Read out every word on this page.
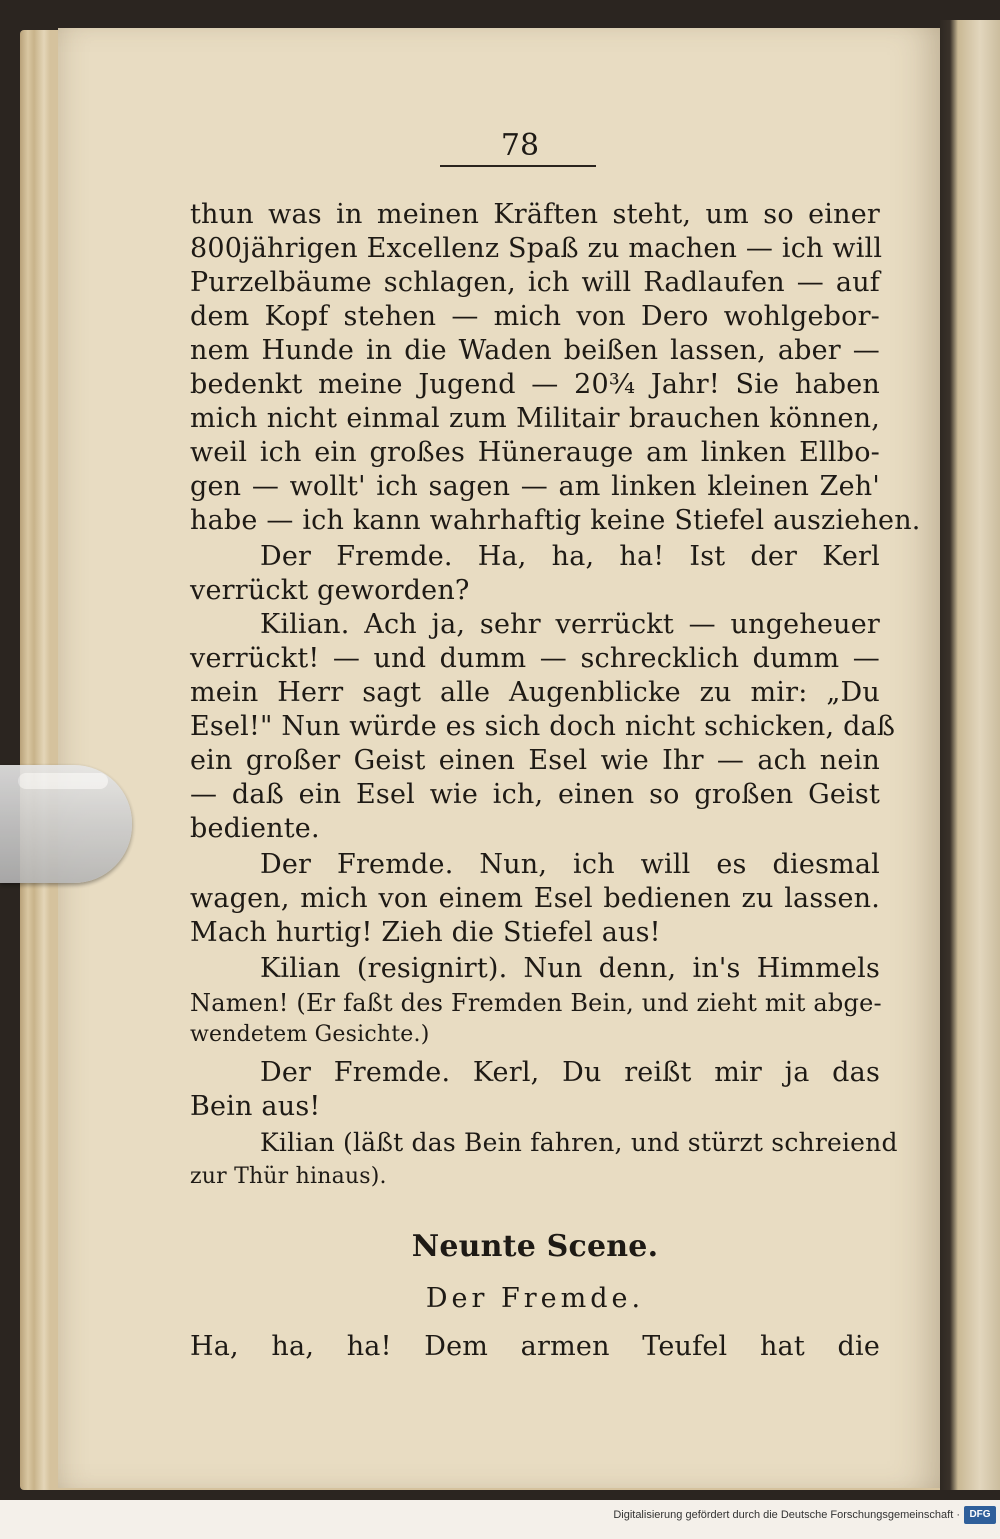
78
thun was in meinen Kräften steht, um so einer
800jährigen Excellenz Spaß zu machen — ich will
Purzelbäume schlagen, ich will Radlaufen — auf
dem Kopf stehen — mich von Dero wohlgebor-
nem Hunde in die Waden beißen lassen, aber —
bedenkt meine Jugend — 20¾ Jahr! Sie haben
mich nicht einmal zum Militair brauchen können,
weil ich ein großes Hüneraugе am linken Ellbo-
gen — wollt' ich sagen — am linken kleinen Zeh'
habe — ich kann wahrhaftig keine Stiefel ausziehen.
Der Fremde. Ha, ha, ha! Ist der Kerl
verrückt geworden?
Kilian. Ach ja, sehr verrückt — ungeheuer
verrückt! — und dumm — schrecklich dumm —
mein Herr sagt alle Augenblicke zu mir: „Du
Esel!" Nun würde es sich doch nicht schicken, daß
ein großer Geist einen Esel wie Ihr — ach nein
— daß ein Esel wie ich, einen so großen Geist
bediente.
Der Fremde. Nun, ich will es diesmal
wagen, mich von einem Esel bedienen zu lassen.
Mach hurtig! Zieh die Stiefel aus!
Kilian (resignirt). Nun denn, in's Himmels
Namen! (Er faßt des Fremden Bein, und zieht mit abge-
wendetem Gesichte.)
Der Fremde. Kerl, Du reißt mir ja das
Bein aus!
Kilian (läßt das Bein fahren, und stürzt schreiend
zur Thür hinaus).
Neunte Scene.
Der Fremde.
Ha, ha, ha! Dem armen Teufel hat die
Digitalisierung gefördert durch die Deutsche Forschungsgemeinschaft · DFG
